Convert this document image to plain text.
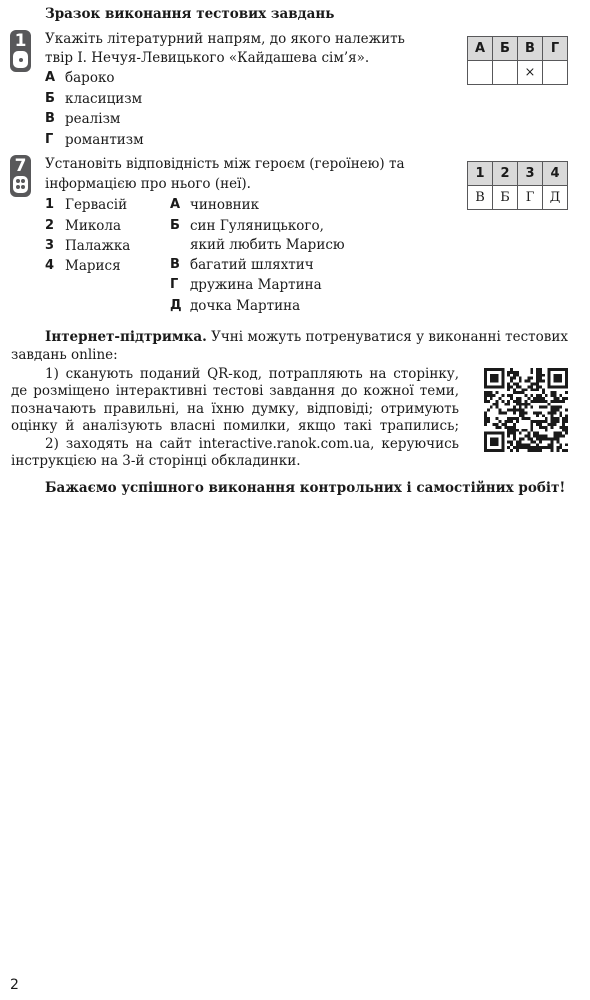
Зразок виконання тестових завдань
1	Укажіть літературний напрям, до якого належить
твір І. Нечуя-Левицького «Кайдашева сім’я».
А бароко
Б класицизм
В реалізм
Г романтизм
А	Б	В	Г
		×	
7	Установіть відповідність між героєм (героїнею) та
інформацією про нього (неї).
1 Гервасій
2 Микола
3 Палажка
4 Марися
А чиновник
Б син Гуляницького,
який любить Марисю
В багатий шляхтич
Г дружина Мартина
Д дочка Мартина
1	2	3	4
В	Б	Г	Д
Інтернет-підтримка. Учні можуть потренуватися у виконанні тестових
завдань online:
1) сканують поданий QR-код, потрапляють на сторінку,
де розміщено інтерактивні тестові завдання до кожної теми,
позначають правильні, на їхню думку, відповіді; отримують
оцінку й аналізують власні помилки, якщо такі трапились;
2) заходять на сайт interactive.ranok.com.ua, керуючись
інструкцією на 3-й сторінці обкладинки.
Бажаємо успішного виконання контрольних і самостійних робіт!
2
